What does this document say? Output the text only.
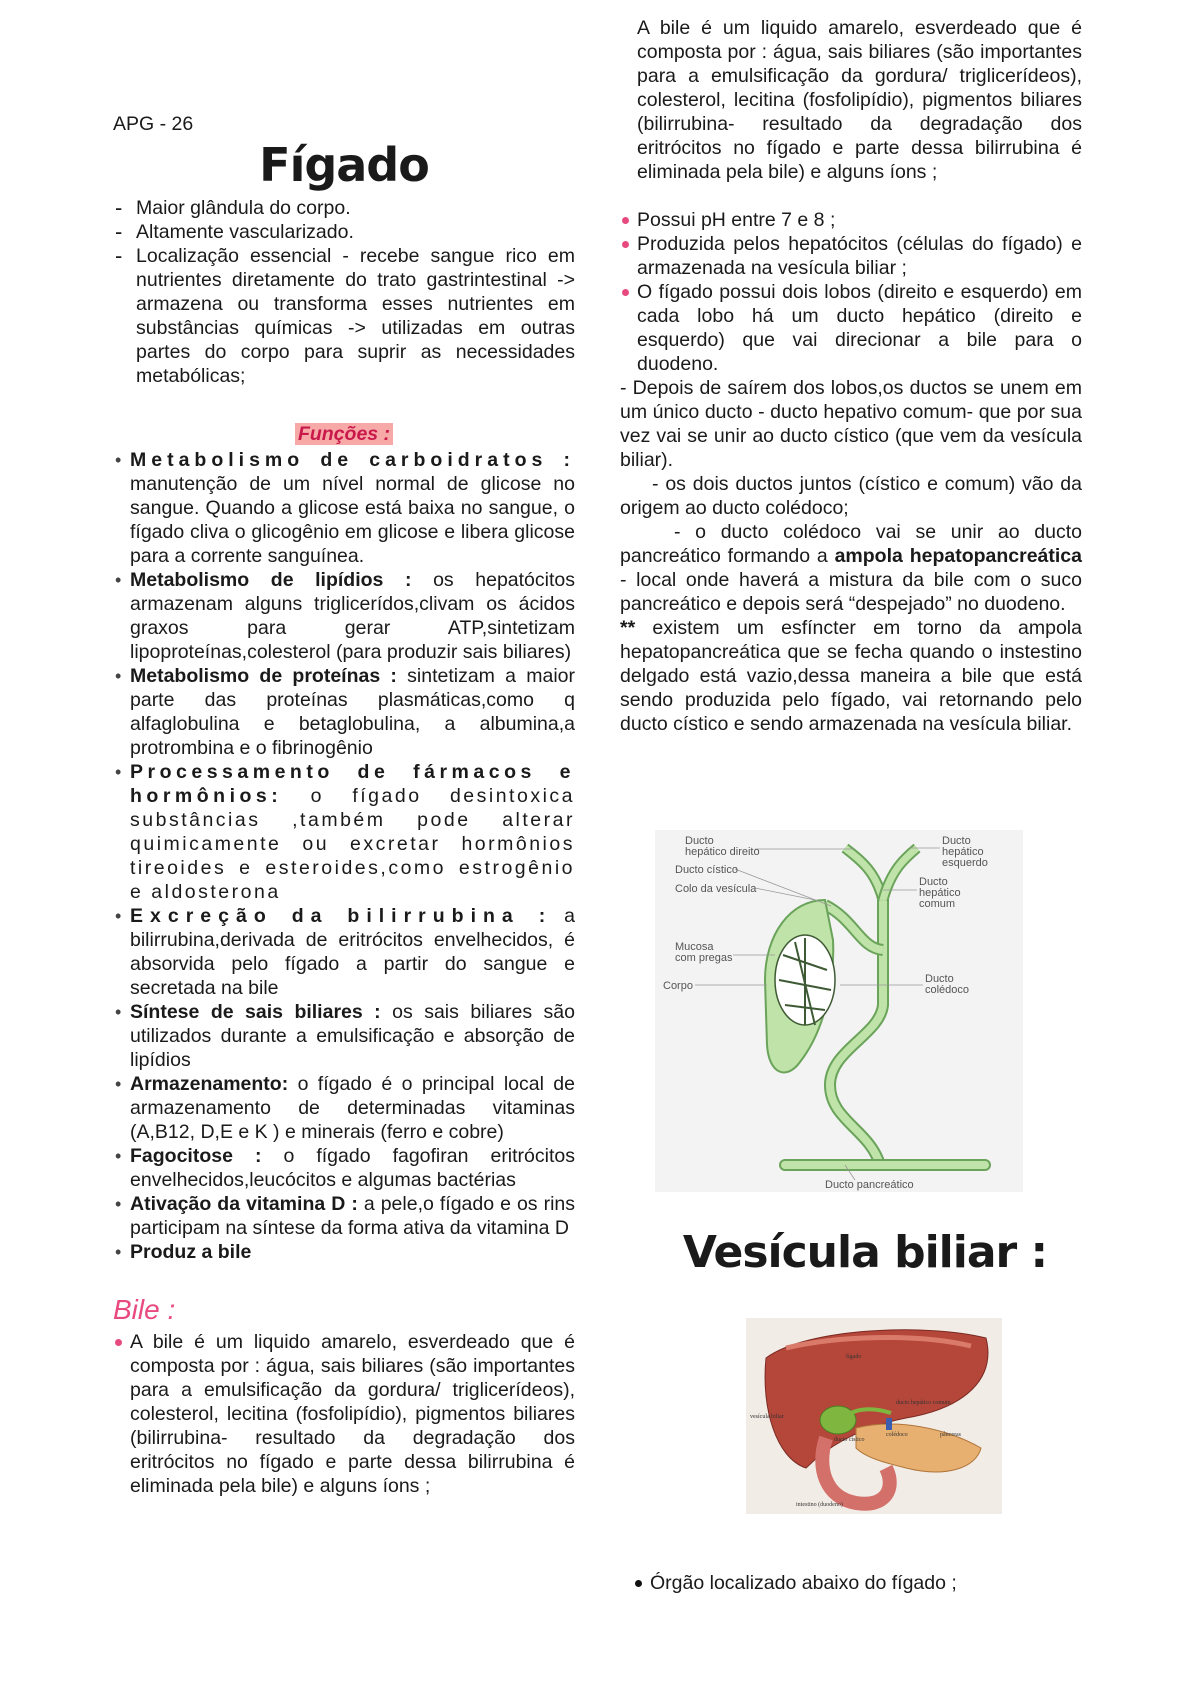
APG - 26
Fígado
- Maior glândula do corpo.
- Altamente vascularizado.
- Localização essencial - recebe sangue rico em nutrientes diretamente do trato gastrintestinal -> armazena ou transforma esses nutrientes em substâncias químicas -> utilizadas em outras partes do corpo para suprir as necessidades metabólicas;
Funções :
• Metabolismo de carboidratos : manutenção de um nível normal de glicose no sangue. Quando a glicose está baixa no sangue, o fígado cliva o glicogênio em glicose e libera glicose para a corrente sanguínea.
• Metabolismo de lipídios : os hepatócitos armazenam alguns triglicerídos,clivam os ácidos graxos para gerar ATP,sintetizam lipoproteínas,colesterol (para produzir sais biliares)
• Metabolismo de proteínas : sintetizam a maior parte das proteínas plasmáticas,como q alfaglobulina e betaglobulina, a albumina,a protrombina e o fibrinogênio
• Processamento de fármacos e hormônios: o fígado desintoxica substâncias ,também pode alterar quimicamente ou excretar hormônios tireoides e esteroides,como estrogênio e aldosterona
• Excreção da bilirrubina : a bilirrubina,derivada de eritrócitos envelhecidos, é absorvida pelo fígado a partir do sangue e secretada na bile
• Síntese de sais biliares : os sais biliares são utilizados durante a emulsificação e absorção de lipídios
• Armazenamento: o fígado é o principal local de armazenamento de determinadas vitaminas (A,B12, D,E e K ) e minerais (ferro e cobre)
• Fagocitose : o fígado fagofiran eritrócitos envelhecidos,leucócitos e algumas bactérias
• Ativação da vitamina D : a pele,o fígado e os rins participam na síntese da forma ativa da vitamina D
• Produz a bile
Bile :
A bile é um liquido amarelo, esverdeado que é composta por : água, sais biliares (são importantes para a emulsificação da gordura/ triglicerídeos), colesterol, lecitina (fosfolipídio), pigmentos biliares (bilirrubina- resultado da degradação dos eritrócitos no fígado e parte dessa bilirrubina é eliminada pela bile) e alguns íons ;
A bile é um liquido amarelo, esverdeado que é composta por : água, sais biliares (são importantes para a emulsificação da gordura/ triglicerídeos), colesterol, lecitina (fosfolipídio), pigmentos biliares (bilirrubina- resultado da degradação dos eritrócitos no fígado e parte dessa bilirrubina é eliminada pela bile) e alguns íons ;
Possui pH entre 7 e 8 ;
Produzida pelos hepatócitos (células do fígado) e armazenada na vesícula biliar ;
O fígado possui dois lobos (direito e esquerdo) em cada lobo há um ducto hepático (direito e esquerdo) que vai direcionar a bile para o duodeno.
- Depois de saírem dos lobos,os ductos se unem em um único ducto - ducto hepativo comum- que por sua vez vai se unir ao ducto cístico (que vem da vesícula biliar).
- os dois ductos juntos (cístico e comum) vão da origem ao ducto colédoco;
- o ducto colédoco vai se unir ao ducto pancreático formando a ampola hepatopancreática - local onde haverá a mistura da bile com o suco pancreático e depois será “despejado” no duodeno.
** existem um esfíncter em torno da ampola hepatopancreática que se fecha quando o instestino delgado está vazio,dessa maneira a bile que está sendo produzida pelo fígado, vai retornando pelo ducto cístico e sendo armazenada na vesícula biliar.
Ducto
hepático direito
Ducto cístico
Colo da vesícula
Mucosa
com pregas
Corpo
Ducto
hepático
esquerdo
Ducto
hepático
comum
Ducto
colédoco
Ducto pancreático
Vesícula biliar :
fígado
vesícula biliar
ducto hepático comum
ducto cístico
colédoco	pâncreas
intestino (duodeno)
Órgão localizado abaixo do fígado ;
